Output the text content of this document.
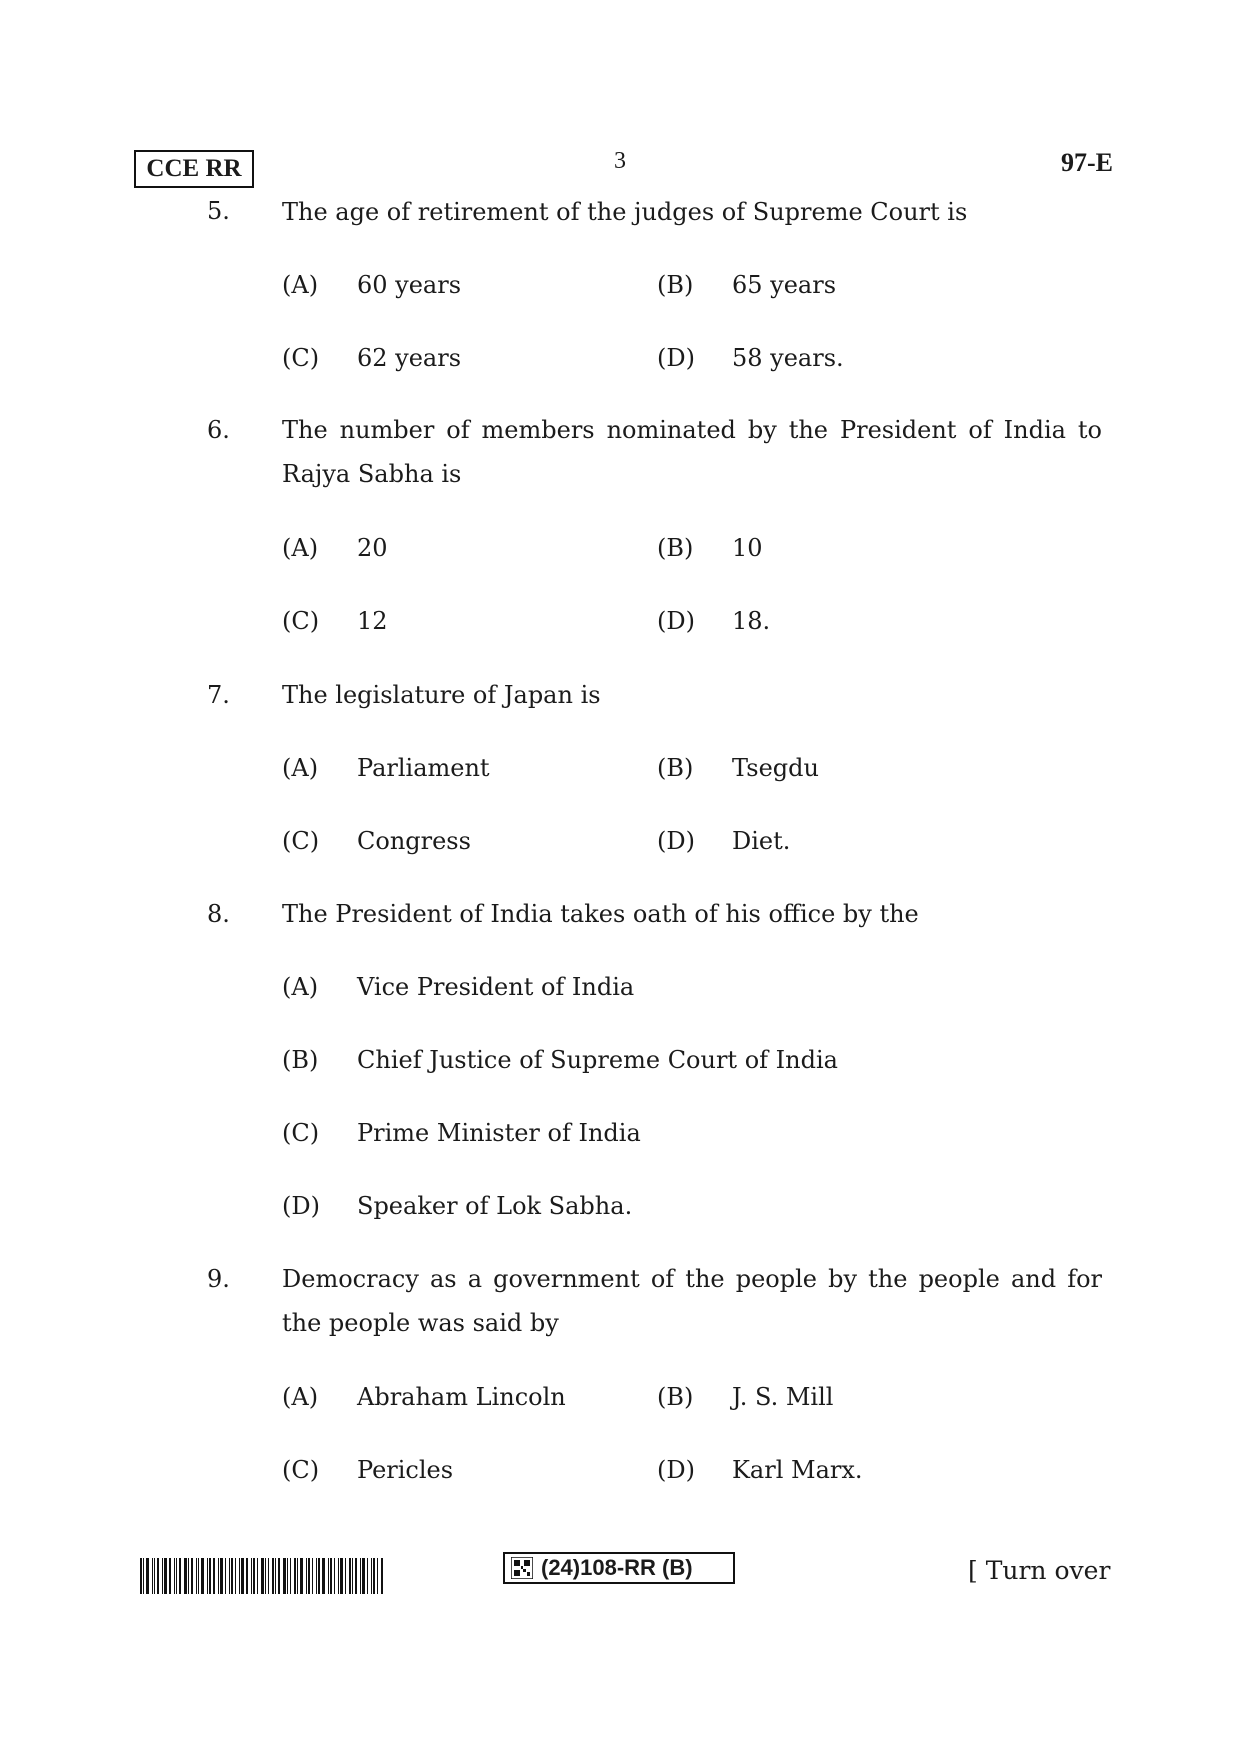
CCE RR	3	97-E
5. The age of retirement of the judges of Supreme Court is
(A) 60 years	(B) 65 years
(C) 62 years	(D) 58 years.
6. The number of members nominated by the President of India to Rajya Sabha is
(A) 20	(B) 10
(C) 12	(D) 18.
7. The legislature of Japan is
(A) Parliament	(B) Tsegdu
(C) Congress	(D) Diet.
8. The President of India takes oath of his office by the
(A) Vice President of India
(B) Chief Justice of Supreme Court of India
(C) Prime Minister of India
(D) Speaker of Lok Sabha.
9. Democracy as a government of the people by the people and for the people was said by
(A) Abraham Lincoln	(B) J. S. Mill
(C) Pericles	(D) Karl Marx.
(24)108-RR (B)	[ Turn over
